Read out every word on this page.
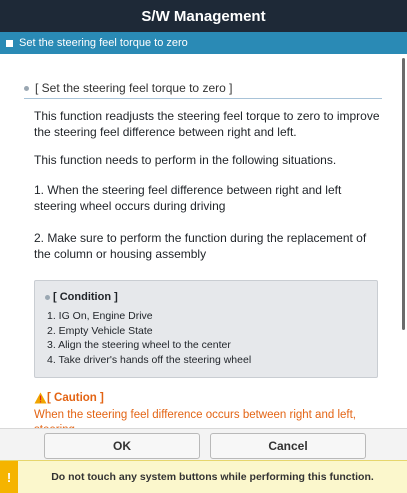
S/W Management
Set the steering feel torque to zero
[ Set the steering feel torque to zero ]
This function readjusts the steering feel torque to zero to improve the steering feel difference between right and left.
This function needs to perform in the following situations.
1. When the steering feel difference between right and left steering wheel occurs during driving
2. Make sure to perform the function during the replacement of the column or housing assembly
[ Condition ]
1. IG On, Engine Drive
2. Empty Vehicle State
3. Align the steering wheel to the center
4. Take driver's hands off the steering wheel
[ Caution ]
When the steering feel difference occurs between right and left,
OK	Cancel
!	Do not touch any system buttons while performing this function.
